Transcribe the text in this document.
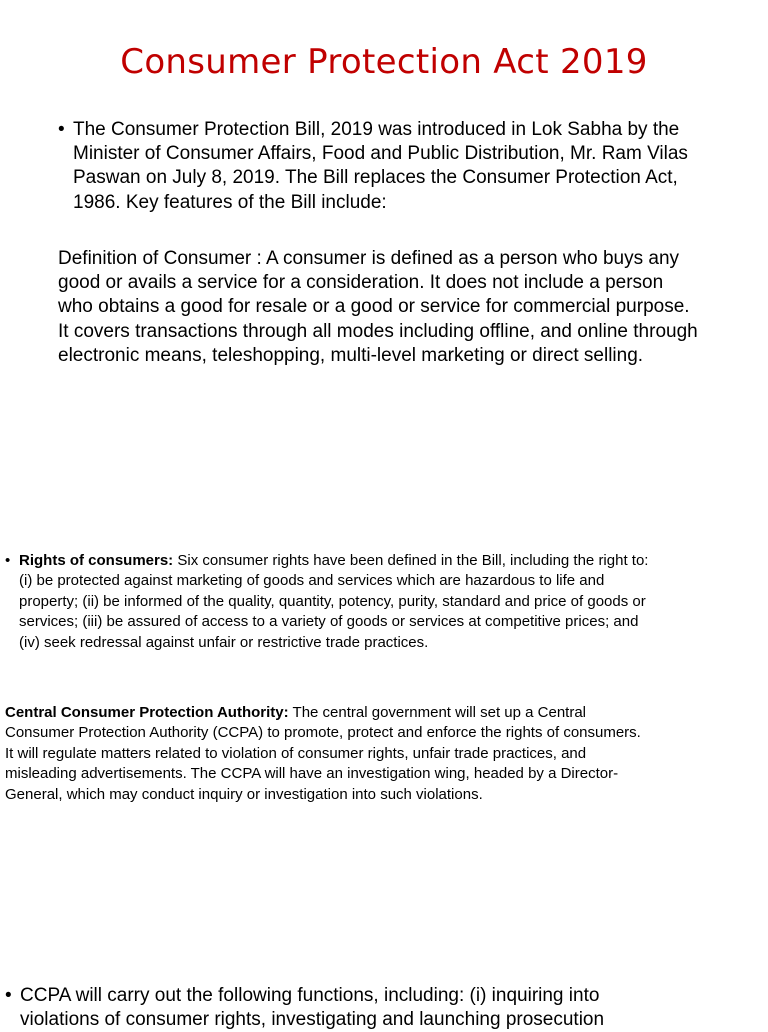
Consumer Protection Act 2019
• The Consumer Protection Bill, 2019 was introduced in Lok Sabha by the Minister of Consumer Affairs, Food and Public Distribution, Mr. Ram Vilas Paswan on July 8, 2019. The Bill replaces the Consumer Protection Act, 1986. Key features of the Bill include:
Definition of Consumer : A consumer is defined as a person who buys any good or avails a service for a consideration. It does not include a person who obtains a good for resale or a good or service for commercial purpose. It covers transactions through all modes including offline, and online through electronic means, teleshopping, multi-level marketing or direct selling.
• Rights of consumers: Six consumer rights have been defined in the Bill, including the right to: (i) be protected against marketing of goods and services which are hazardous to life and property; (ii) be informed of the quality, quantity, potency, purity, standard and price of goods or services; (iii) be assured of access to a variety of goods or services at competitive prices; and (iv) seek redressal against unfair or restrictive trade practices.
Central Consumer Protection Authority: The central government will set up a Central Consumer Protection Authority (CCPA) to promote, protect and enforce the rights of consumers. It will regulate matters related to violation of consumer rights, unfair trade practices, and misleading advertisements. The CCPA will have an investigation wing, headed by a Director-General, which may conduct inquiry or investigation into such violations.
• CCPA will carry out the following functions, including: (i) inquiring into violations of consumer rights, investigating and launching prosecution
